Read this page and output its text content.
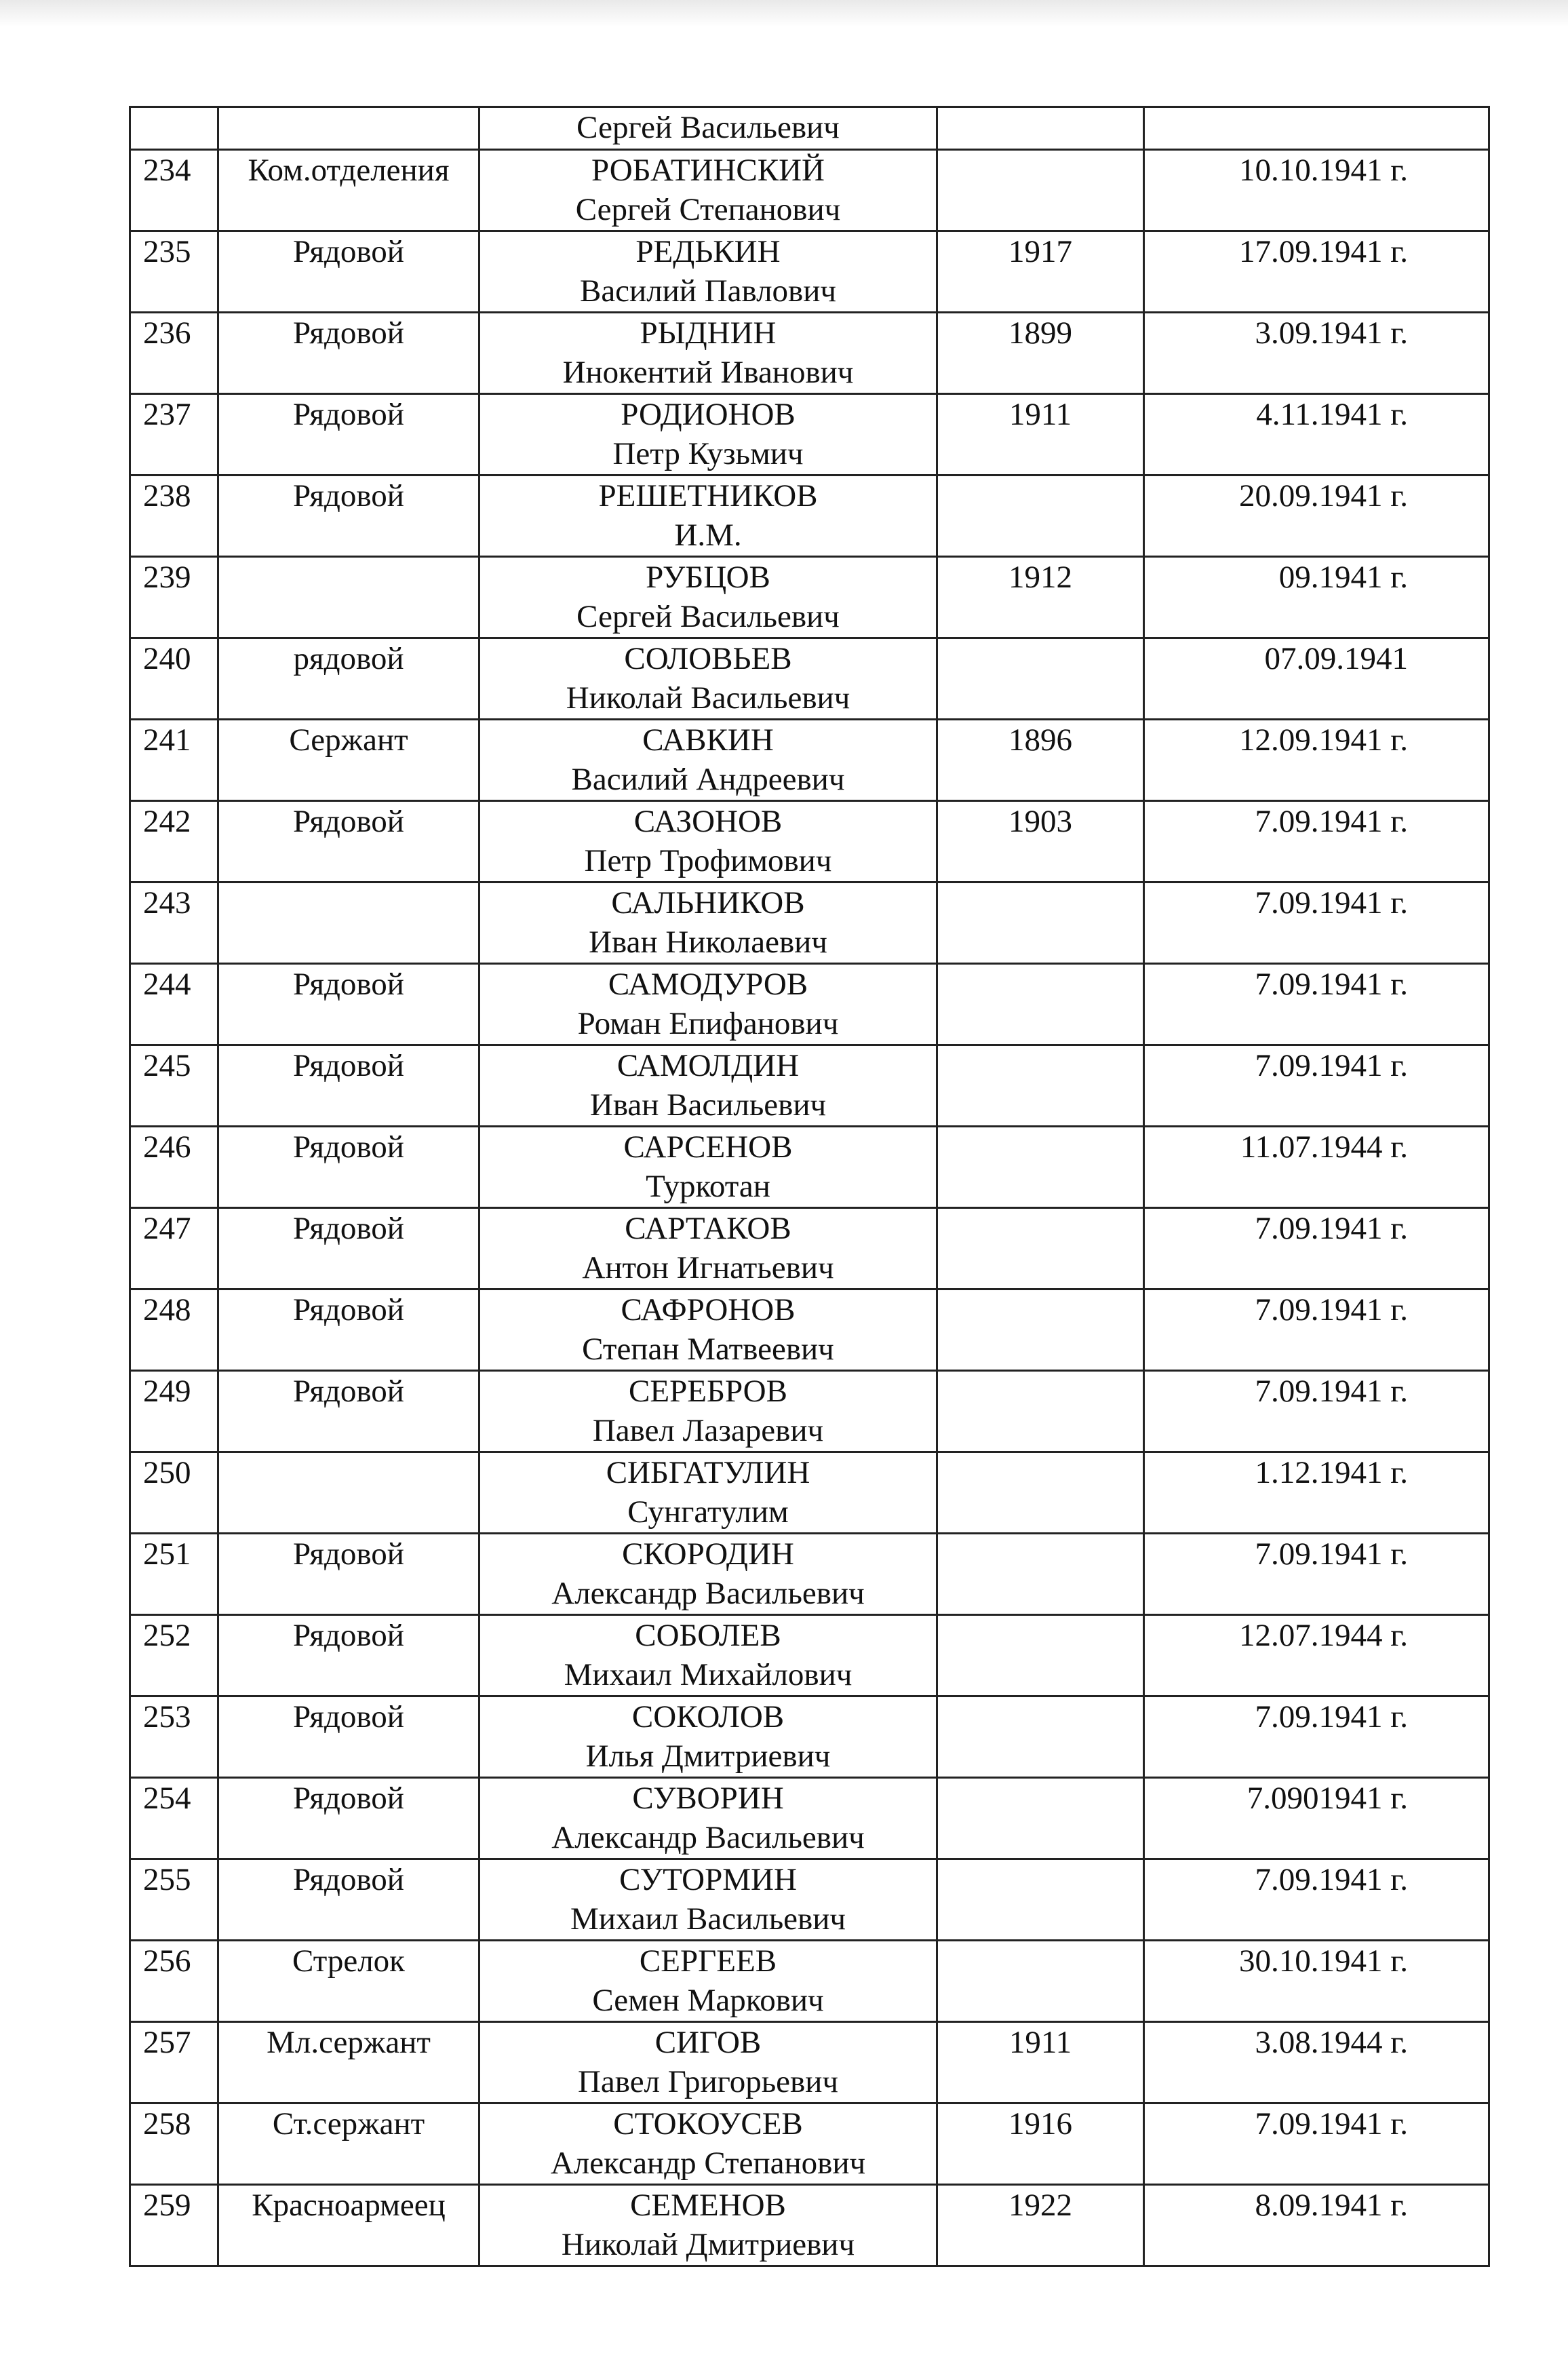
		Сергей Васильевич		

234	Ком.отделения	РОБАТИНСКИЙ
Сергей Степанович		10.10.1941 г.
235	Рядовой	РЕДЬКИН
Василий Павлович	1917	17.09.1941 г.
236	Рядовой	РЫДНИН
Инокентий Иванович	1899	3.09.1941 г.
237	Рядовой	РОДИОНОВ
Петр Кузьмич	1911	4.11.1941 г.
238	Рядовой	РЕШЕТНИКОВ
И.М.		20.09.1941 г.
239		РУБЦОВ
Сергей Васильевич	1912	09.1941 г.
240	рядовой	СОЛОВЬЕВ
Николай Васильевич		07.09.1941
241	Сержант	САВКИН
Василий Андреевич	1896	12.09.1941 г.
242	Рядовой	САЗОНОВ
Петр Трофимович	1903	7.09.1941 г.
243		САЛЬНИКОВ
Иван Николаевич		7.09.1941 г.
244	Рядовой	САМОДУРОВ
Роман Епифанович		7.09.1941 г.
245	Рядовой	САМОЛДИН
Иван Васильевич		7.09.1941 г.
246	Рядовой	САРСЕНОВ
Туркотан		11.07.1944 г.
247	Рядовой	САРТАКОВ
Антон Игнатьевич		7.09.1941 г.
248	Рядовой	САФРОНОВ
Степан Матвеевич		7.09.1941 г.
249	Рядовой	СЕРЕБРОВ
Павел Лазаревич		7.09.1941 г.
250		СИБГАТУЛИН
Сунгатулим		1.12.1941 г.
251	Рядовой	СКОРОДИН
Александр Васильевич		7.09.1941 г.
252	Рядовой	СОБОЛЕВ
Михаил Михайлович		12.07.1944 г.
253	Рядовой	СОКОЛОВ
Илья Дмитриевич		7.09.1941 г.
254	Рядовой	СУВОРИН
Александр Васильевич		7.0901941 г.
255	Рядовой	СУТОРМИН
Михаил Васильевич		7.09.1941 г.
256	Стрелок	СЕРГЕЕВ
Семен Маркович		30.10.1941 г.
257	Мл.сержант	СИГОВ
Павел Григорьевич	1911	3.08.1944 г.
258	Ст.сержант	СТОКОУСЕВ
Александр Степанович	1916	7.09.1941 г.
259	Красноармеец	СЕМЕНОВ
Николай Дмитриевич	1922	8.09.1941 г.
